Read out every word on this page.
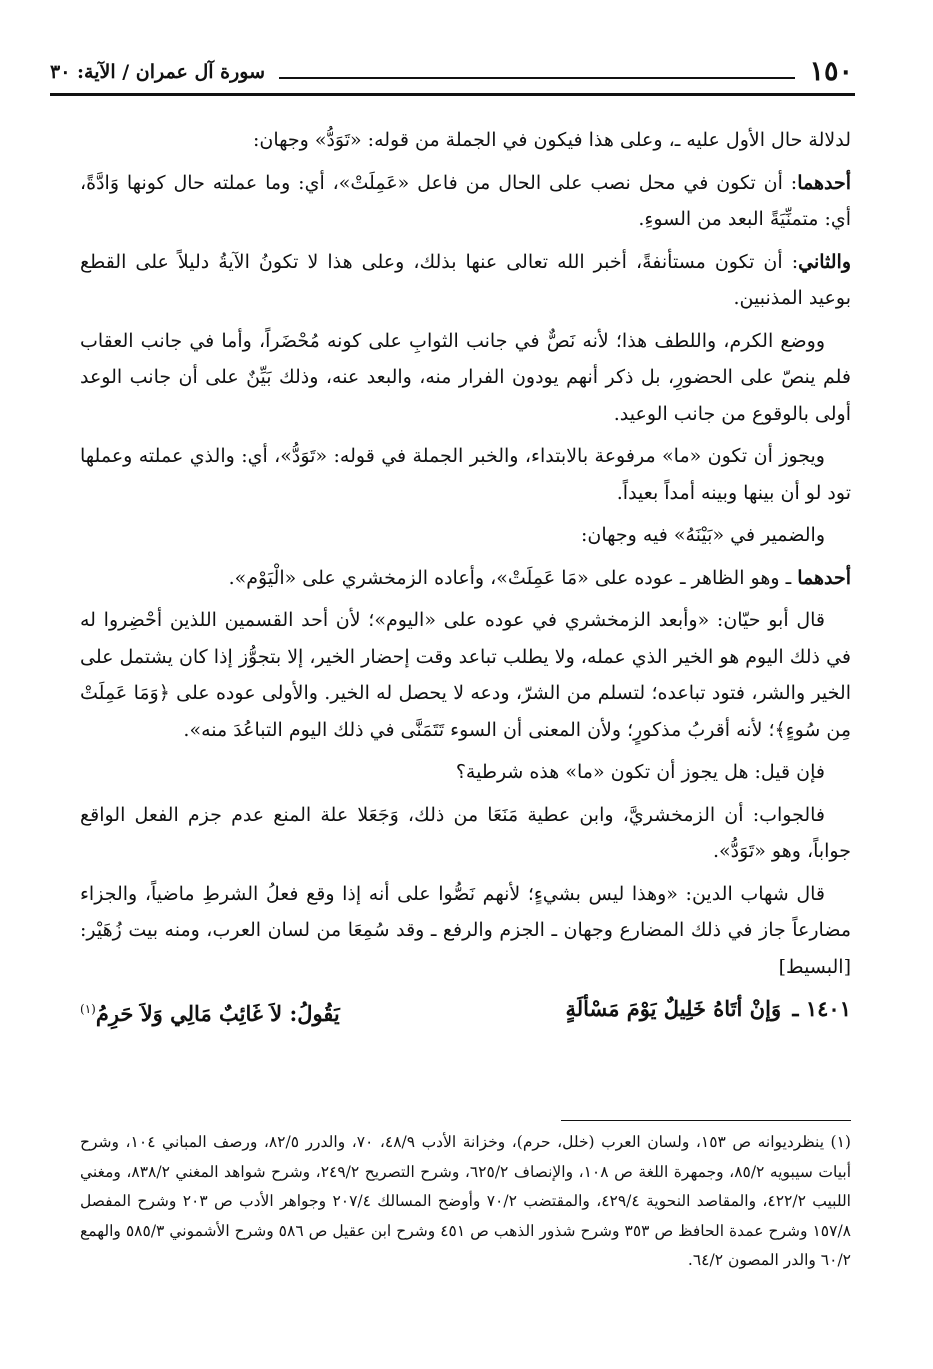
١٥٠
سورة آل عمران / الآية: ٣٠

لدلالة حال الأول عليه ـ، وعلى هذا فيكون في الجملة من قوله: «تَوَدُّ» وجهان:

أحدهما: أن تكون في محل نصب على الحال من فاعل «عَمِلَتْ»، أي: وما عملته حال كونها وَادَّةً، أي: متمنِّيَةً البعد من السوءِ.

والثاني: أن تكون مستأنفةً، أخبر الله تعالى عنها بذلك، وعلى هذا لا تكونُ الآيةُ دليلاً على القطع بوعيد المذنبين.

ووضع الكرم، واللطف هذا؛ لأنه نَصٌّ في جانب الثوابِ على كونه مُحْضَراً، وأما في جانب العقاب فلم ينصّ على الحضورِ، بل ذكر أنهم يودون الفرار منه، والبعد عنه، وذلك بَيِّنٌ على أن جانب الوعد أولى بالوقوع من جانب الوعيد.

ويجوز أن تكون «ما» مرفوعة بالابتداء، والخبر الجملة في قوله: «تَوَدُّ»، أي: والذي عملته وعملها تود لو أن بينها وبينه أمداً بعيداً.

والضمير في «بَيْنَهُ» فيه وجهان:

أحدهما ـ وهو الظاهر ـ عوده على «مَا عَمِلَتْ»، وأعاده الزمخشري على «الْيَوْم».

قال أبو حيّان: «وأبعد الزمخشري في عوده على «اليوم»؛ لأن أحد القسمين اللذين أحْضِروا له في ذلك اليوم هو الخير الذي عمله، ولا يطلب تباعد وقت إحضار الخير، إلا بتجوُّز إذا كان يشتمل على الخير والشر، فتود تباعده؛ لتسلم من الشرّ، ودعه لا يحصل له الخير. والأولى عوده على ﴿وَمَا عَمِلَتْ مِن سُوءٍ﴾؛ لأنه أقربُ مذكورٍ؛ ولأن المعنى أن السوء تَتَمَنَّى في ذلك اليوم التباعُدَ منه».

فإن قيل: هل يجوز أن تكون «ما» هذه شرطية؟

فالجواب: أن الزمخشريَّ، وابن عطية مَنَعَا من ذلك، وَجَعَلا علة المنع عدم جزم الفعل الواقع جواباً، وهو «تَوَدُّ».

قال شهاب الدين: «وهذا ليس بشيءٍ؛ لأنهم نَصُّوا على أنه إذا وقع فعلُ الشرطِ ماضياً، والجزاء مضارعاً جاز في ذلك المضارع وجهان ـ الجزم والرفع ـ وقد سُمِعَا من لسان العرب، ومنه بيت زُهَيْر: [البسيط]

١٤٠١ ـ وَإنْ أتَاهُ خَلِيلٌ يَوْمَ مَسْألَةٍ
يَقُولُ: لاَ غَائِبٌ مَالِي وَلاَ حَرِمُ$^{(١)}$

(١) ينظرديوانه ص ١٥٣، ولسان العرب (خلل، حرم)، وخزانة الأدب ٤٨/٩، ٧٠، والدرر ٨٢/٥، ورصف المباني ١٠٤، وشرح أبيات سيبويه ٨٥/٢، وجمهرة اللغة ص ١٠٨، والإنصاف ٦٢٥/٢، وشرح التصريح ٢٤٩/٢، وشرح شواهد المغني ٨٣٨/٢، ومغني اللبيب ٤٢٢/٢، والمقاصد النحوية ٤٢٩/٤، والمقتضب ٧٠/٢ وأوضح المسالك ٢٠٧/٤ وجواهر الأدب ص ٢٠٣ وشرح المفصل ١٥٧/٨ وشرح عمدة الحافظ ص ٣٥٣ وشرح شذور الذهب ص ٤٥١ وشرح ابن عقيل ص ٥٨٦ وشرح الأشموني ٥٨٥/٣ والهمع ٦٠/٢ والدر المصون ٦٤/٢.
